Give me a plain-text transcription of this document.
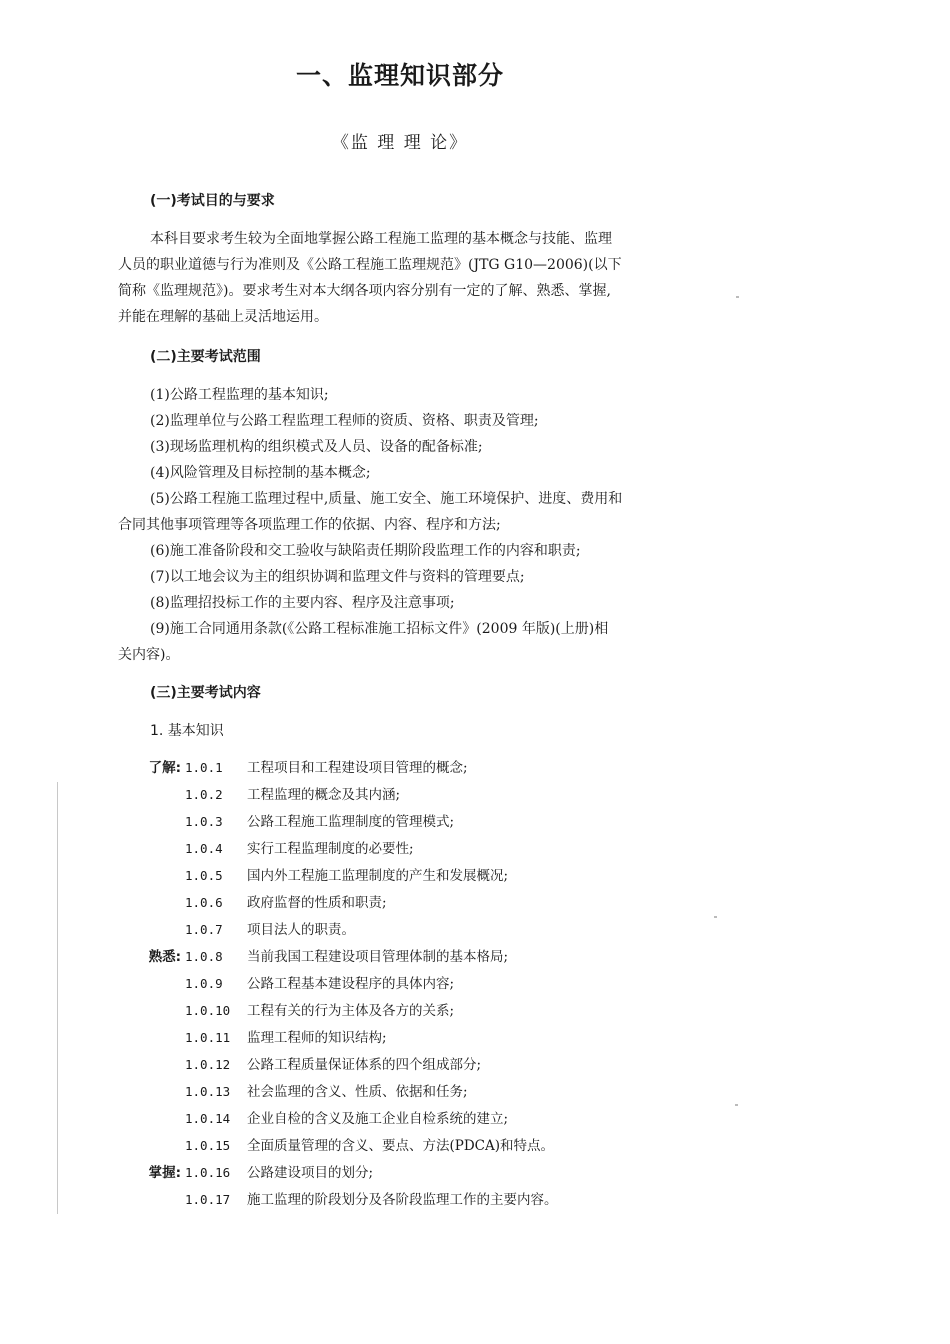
一、监理知识部分
《监 理 理 论》
(一)考试目的与要求
本科目要求考生较为全面地掌握公路工程施工监理的基本概念与技能、监理
人员的职业道德与行为准则及《公路工程施工监理规范》(JTG G10—2006)(以下
简称《监理规范》)。要求考生对本大纲各项内容分别有一定的了解、熟悉、掌握,
并能在理解的基础上灵活地运用。
(二)主要考试范围
(1)公路工程监理的基本知识;
(2)监理单位与公路工程监理工程师的资质、资格、职责及管理;
(3)现场监理机构的组织模式及人员、设备的配备标准;
(4)风险管理及目标控制的基本概念;
(5)公路工程施工监理过程中,质量、施工安全、施工环境保护、进度、费用和
合同其他事项管理等各项监理工作的依据、内容、程序和方法;
(6)施工准备阶段和交工验收与缺陷责任期阶段监理工作的内容和职责;
(7)以工地会议为主的组织协调和监理文件与资料的管理要点;
(8)监理招投标工作的主要内容、程序及注意事项;
(9)施工合同通用条款(《公路工程标准施工招标文件》(2009 年版)(上册)相
关内容)。
(三)主要考试内容
1. 基本知识
了解: 1.0.1 工程项目和工程建设项目管理的概念;
1.0.2 工程监理的概念及其内涵;
1.0.3 公路工程施工监理制度的管理模式;
1.0.4 实行工程监理制度的必要性;
1.0.5 国内外工程施工监理制度的产生和发展概况;
1.0.6 政府监督的性质和职责;
1.0.7 项目法人的职责。
熟悉: 1.0.8 当前我国工程建设项目管理体制的基本格局;
1.0.9 公路工程基本建设程序的具体内容;
1.0.10 工程有关的行为主体及各方的关系;
1.0.11 监理工程师的知识结构;
1.0.12 公路工程质量保证体系的四个组成部分;
1.0.13 社会监理的含义、性质、依据和任务;
1.0.14 企业自检的含义及施工企业自检系统的建立;
1.0.15 全面质量管理的含义、要点、方法(PDCA)和特点。
掌握: 1.0.16 公路建设项目的划分;
1.0.17 施工监理的阶段划分及各阶段监理工作的主要内容。
